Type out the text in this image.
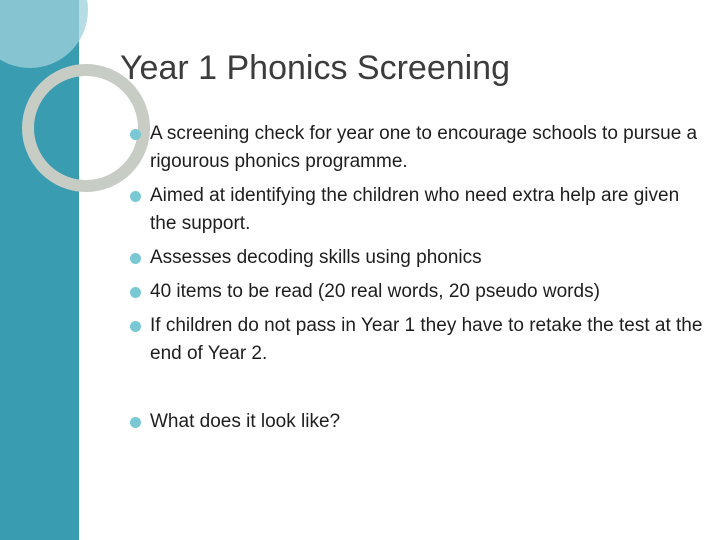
Year 1 Phonics Screening
A screening check for year one to encourage schools to pursue a rigourous phonics programme.
Aimed at identifying the children who need extra help are given the support.
Assesses decoding skills using phonics
40 items to be read (20 real words, 20 pseudo words)
If children do not pass in Year 1 they have to retake the test at the end of Year 2.
What does it look like?
